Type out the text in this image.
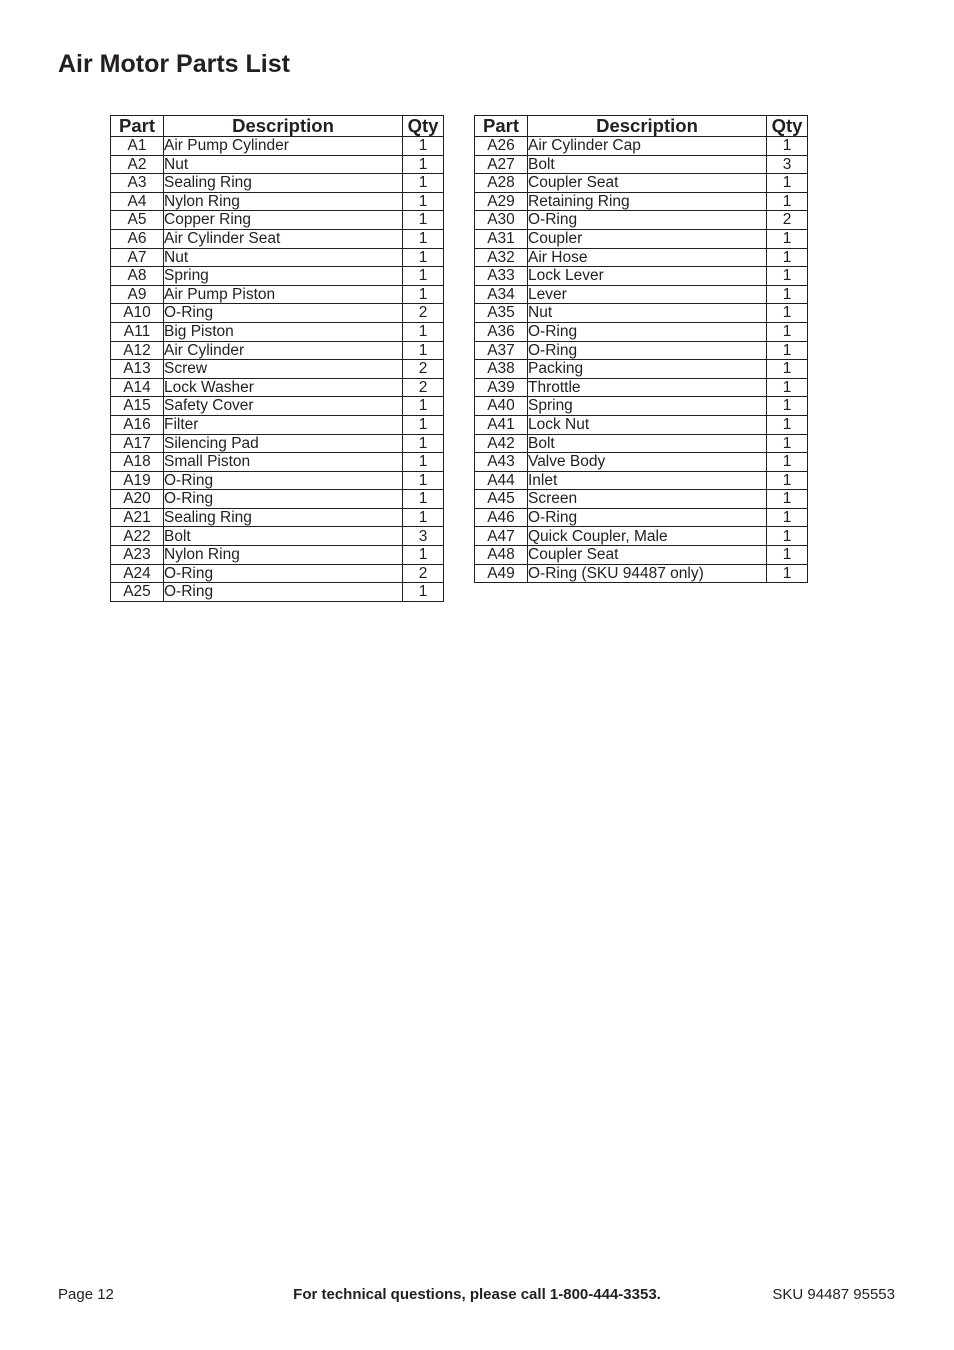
Air Motor Parts List
Part	Description	Qty
A1	Air Pump Cylinder	1
A2	Nut	1
A3	Sealing Ring	1
A4	Nylon Ring	1
A5	Copper Ring	1
A6	Air Cylinder Seat	1
A7	Nut	1
A8	Spring	1
A9	Air Pump Piston	1
A10	O-Ring	2
A11	Big Piston	1
A12	Air Cylinder	1
A13	Screw	2
A14	Lock Washer	2
A15	Safety Cover	1
A16	Filter	1
A17	Silencing Pad	1
A18	Small Piston	1
A19	O-Ring	1
A20	O-Ring	1
A21	Sealing Ring	1
A22	Bolt	3
A23	Nylon Ring	1
A24	O-Ring	2
A25	O-Ring	1
Part	Description	Qty
A26	Air Cylinder Cap	1
A27	Bolt	3
A28	Coupler Seat	1
A29	Retaining Ring	1
A30	O-Ring	2
A31	Coupler	1
A32	Air Hose	1
A33	Lock Lever	1
A34	Lever	1
A35	Nut	1
A36	O-Ring	1
A37	O-Ring	1
A38	Packing	1
A39	Throttle	1
A40	Spring	1
A41	Lock Nut	1
A42	Bolt	1
A43	Valve Body	1
A44	Inlet	1
A45	Screen	1
A46	O-Ring	1
A47	Quick Coupler, Male	1
A48	Coupler Seat	1
A49	O-Ring (SKU 94487 only)	1
For technical questions, please call 1-800-444-3353.
Page 12	SKU 94487 95553
